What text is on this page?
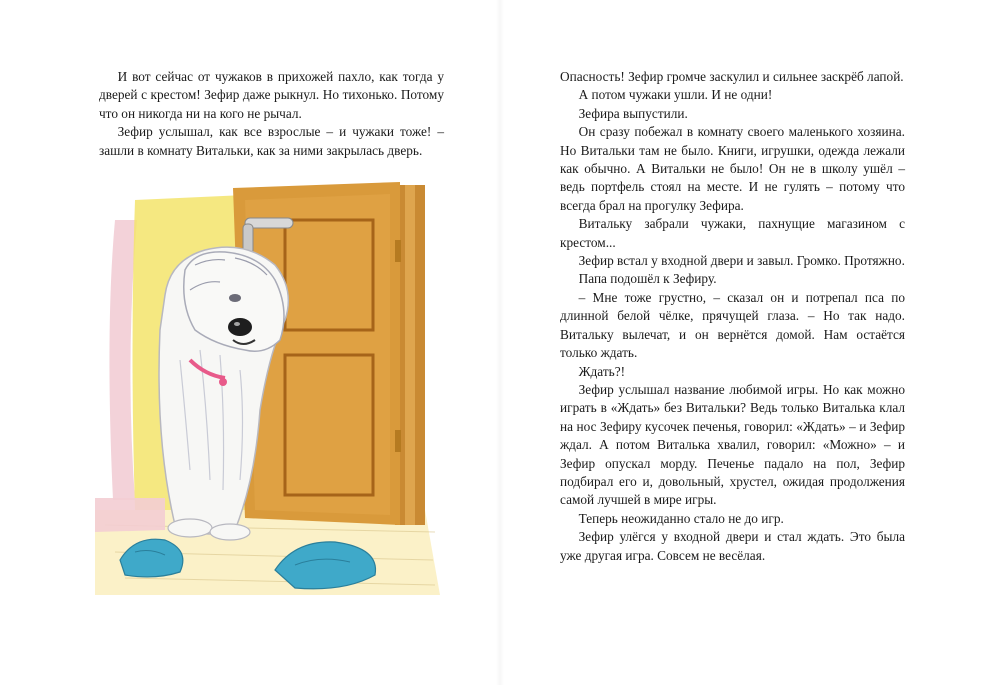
И вот сейчас от чужаков в прихожей пахло, как тогда у дверей с крестом! Зефир даже рыкнул. Но тихонько. Потому что он никогда ни на кого не рычал.

Зефир услышал, как все взрослые – и чужаки тоже! – зашли в комнату Витальки, как за ними закрылась дверь.

Опасность! Зефир громче заскулил и сильнее заскрёб лапой.

А потом чужаки ушли. И не одни!

Зефира выпустили.

Он сразу побежал в комнату своего маленького хозяина. Но Витальки там не было. Книги, игрушки, одежда лежали как обычно. А Витальки не было! Он не в школу ушёл – ведь портфель стоял на месте. И не гулять – потому что всегда брал на прогулку Зефира.

Витальку забрали чужаки, пахнущие магазином с крестом...

Зефир встал у входной двери и завыл. Громко. Протяжно.

Папа подошёл к Зефиру.

– Мне тоже грустно, – сказал он и потрепал пса по длинной белой чёлке, прячущей глаза. – Но так надо. Витальку вылечат, и он вернётся домой. Нам остаётся только ждать.

Ждать?!

Зефир услышал название любимой игры. Но как можно играть в «Ждать» без Витальки? Ведь только Виталька клал на нос Зефиру кусочек печенья, говорил: «Ждать» – и Зефир ждал. А потом Виталька хвалил, говорил: «Можно» – и Зефир опускал морду. Печенье падало на пол, Зефир подбирал его и, довольный, хрустел, ожидая продолжения самой лучшей в мире игры.

Теперь неожиданно стало не до игр.

Зефир улёгся у входной двери и стал ждать. Это была уже другая игра. Совсем не весёлая.
